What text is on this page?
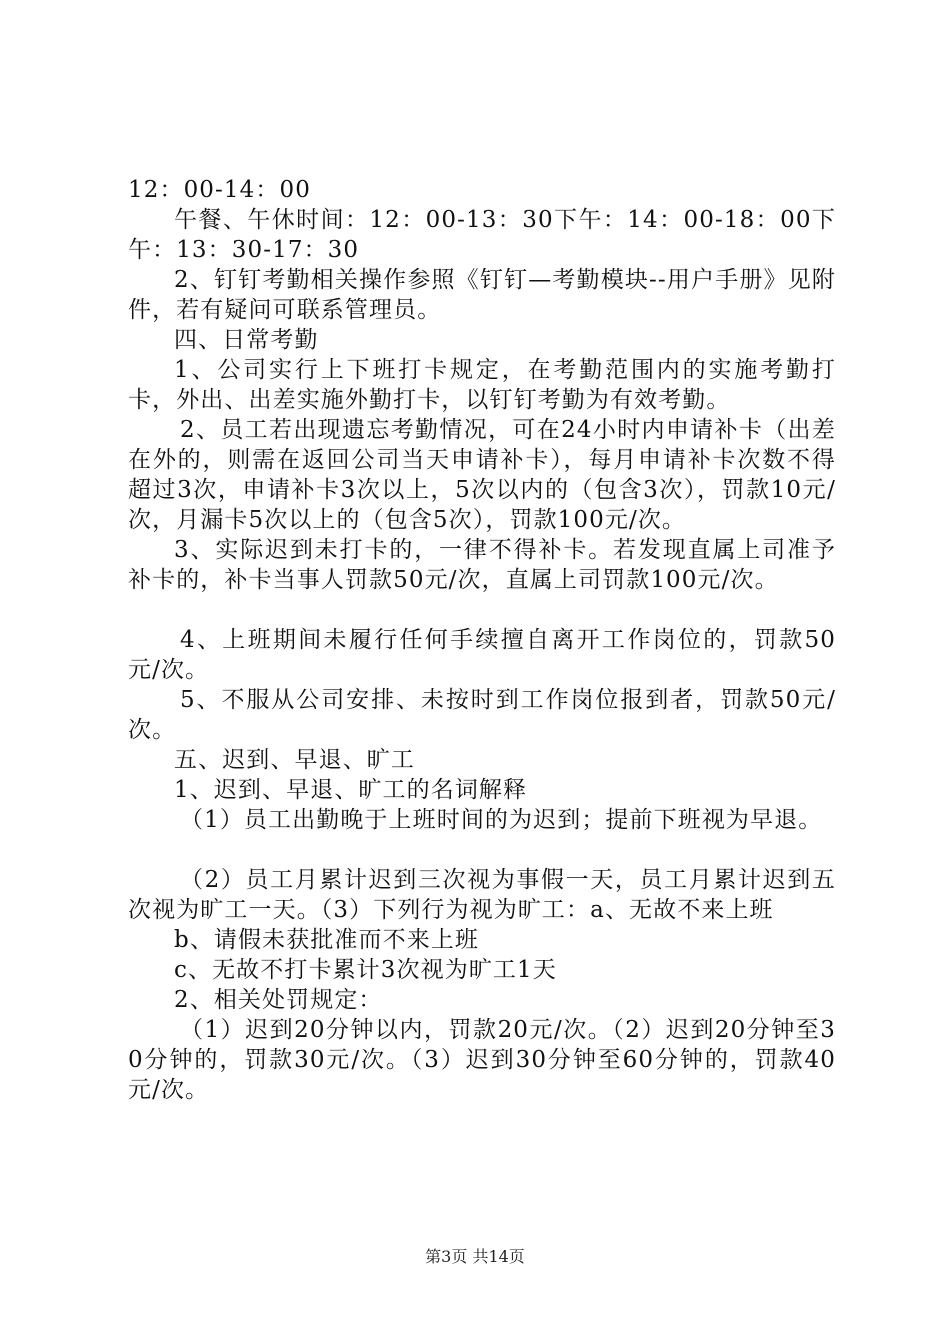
12：00-14：00

午餐、午休时间：12：00-13：30下午：14：00-18：00下午：13：30-17：30

2、钉钉考勤相关操作参照《钉钉—考勤模块--用户手册》见附件，若有疑问可联系管理员。

四、日常考勤

1、公司实行上下班打卡规定，在考勤范围内的实施考勤打卡，外出、出差实施外勤打卡，以钉钉考勤为有效考勤。

2、员工若出现遗忘考勤情况，可在24小时内申请补卡（出差在外的，则需在返回公司当天申请补卡），每月申请补卡次数不得超过3次，申请补卡3次以上，5次以内的（包含3次），罚款10元/次，月漏卡5次以上的（包含5次），罚款100元/次。

3、实际迟到未打卡的，一律不得补卡。若发现直属上司准予补卡的，补卡当事人罚款50元/次，直属上司罚款100元/次。

4、上班期间未履行任何手续擅自离开工作岗位的，罚款50元/次。

5、不服从公司安排、未按时到工作岗位报到者，罚款50元/次。

五、迟到、早退、旷工

1、迟到、早退、旷工的名词解释

（1）员工出勤晚于上班时间的为迟到；提前下班视为早退。

（2）员工月累计迟到三次视为事假一天，员工月累计迟到五次视为旷工一天。（3）下列行为视为旷工：a、无故不来上班

b、请假未获批准而不来上班

c、无故不打卡累计3次视为旷工1天

2、相关处罚规定：

（1）迟到20分钟以内，罚款20元/次。（2）迟到20分钟至30分钟的，罚款30元/次。（3）迟到30分钟至60分钟的，罚款40元/次。

第3页 共14页
